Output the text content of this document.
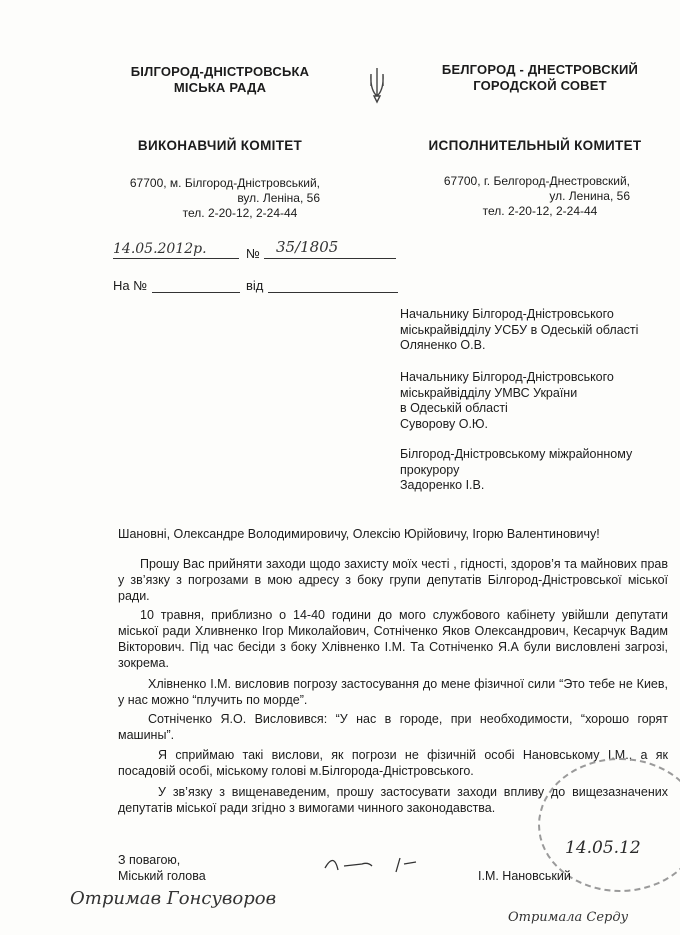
БІЛГОРОД-ДНІСТРОВСЬКА
МІСЬКА РАДА
ВИКОНАВЧИЙ КОМІТЕТ
67700, м. Білгород-Дністровський,
вул. Леніна, 56
тел. 2-20-12, 2-24-44
БЕЛГОРОД - ДНЕСТРОВСКИЙ
ГОРОДСКОЙ СОВЕТ
ИСПОЛНИТЕЛЬНЫЙ КОМИТЕТ
67700, г. Белгород-Днестровский,
ул. Ленина, 56
тел. 2-20-12, 2-24-44
14.05.2012р.	№	35/1805
На №	від
Начальнику Білгород-Дністровського
міськрайвідділу УСБУ в Одеській області
Оляненко О.В.
Начальнику Білгород-Дністровського
міськрайвідділу УМВС України
в Одеській області
Суворову О.Ю.
Білгород-Дністровському міжрайонному
прокурору
Задоренко І.В.
Шановні, Олександре Володимировичу, Олексію Юрійовичу, Ігорю Валентиновичу!
Прошу Вас прийняти заходи щодо захисту моїх честі , гідності, здоров’я та майнових прав у зв’язку з погрозами в мою адресу з боку групи депутатів Білгород-Дністровської міської ради.
10 травня, приблизно о 14-40 години до мого службового кабінету увійшли депутати міської ради Хливненко Ігор Миколайович, Сотніченко Яков Олександрович, Кесарчук Вадим Вікторович. Під час бесіди з боку Хлівненко І.М. Та Сотніченко Я.А були висловлені загрозі, зокрема.
Хлівненко І.М. висловив погрозу застосування до мене фізичної сили “Это тебе не Киев, у нас можно “плучить по морде”.
Сотніченко Я.О. Висловився: “У нас в городе, при необходимости, “хорошо горят машины”.
Я сприймаю такі вислови, як погрози не фізичній особі Нановському І.М., а як посадовій особі, міському голові м.Білгорода-Дністровського.
У зв’язку з вищенаведеним, прошу застосувати заходи впливу до вищезазначених депутатів міської ради згідно з вимогами чинного законодавства.
14.05.12
З повагою,
Міський голова	І.М. Нановський
Отримав Гонсуворов
Отримала Серду
